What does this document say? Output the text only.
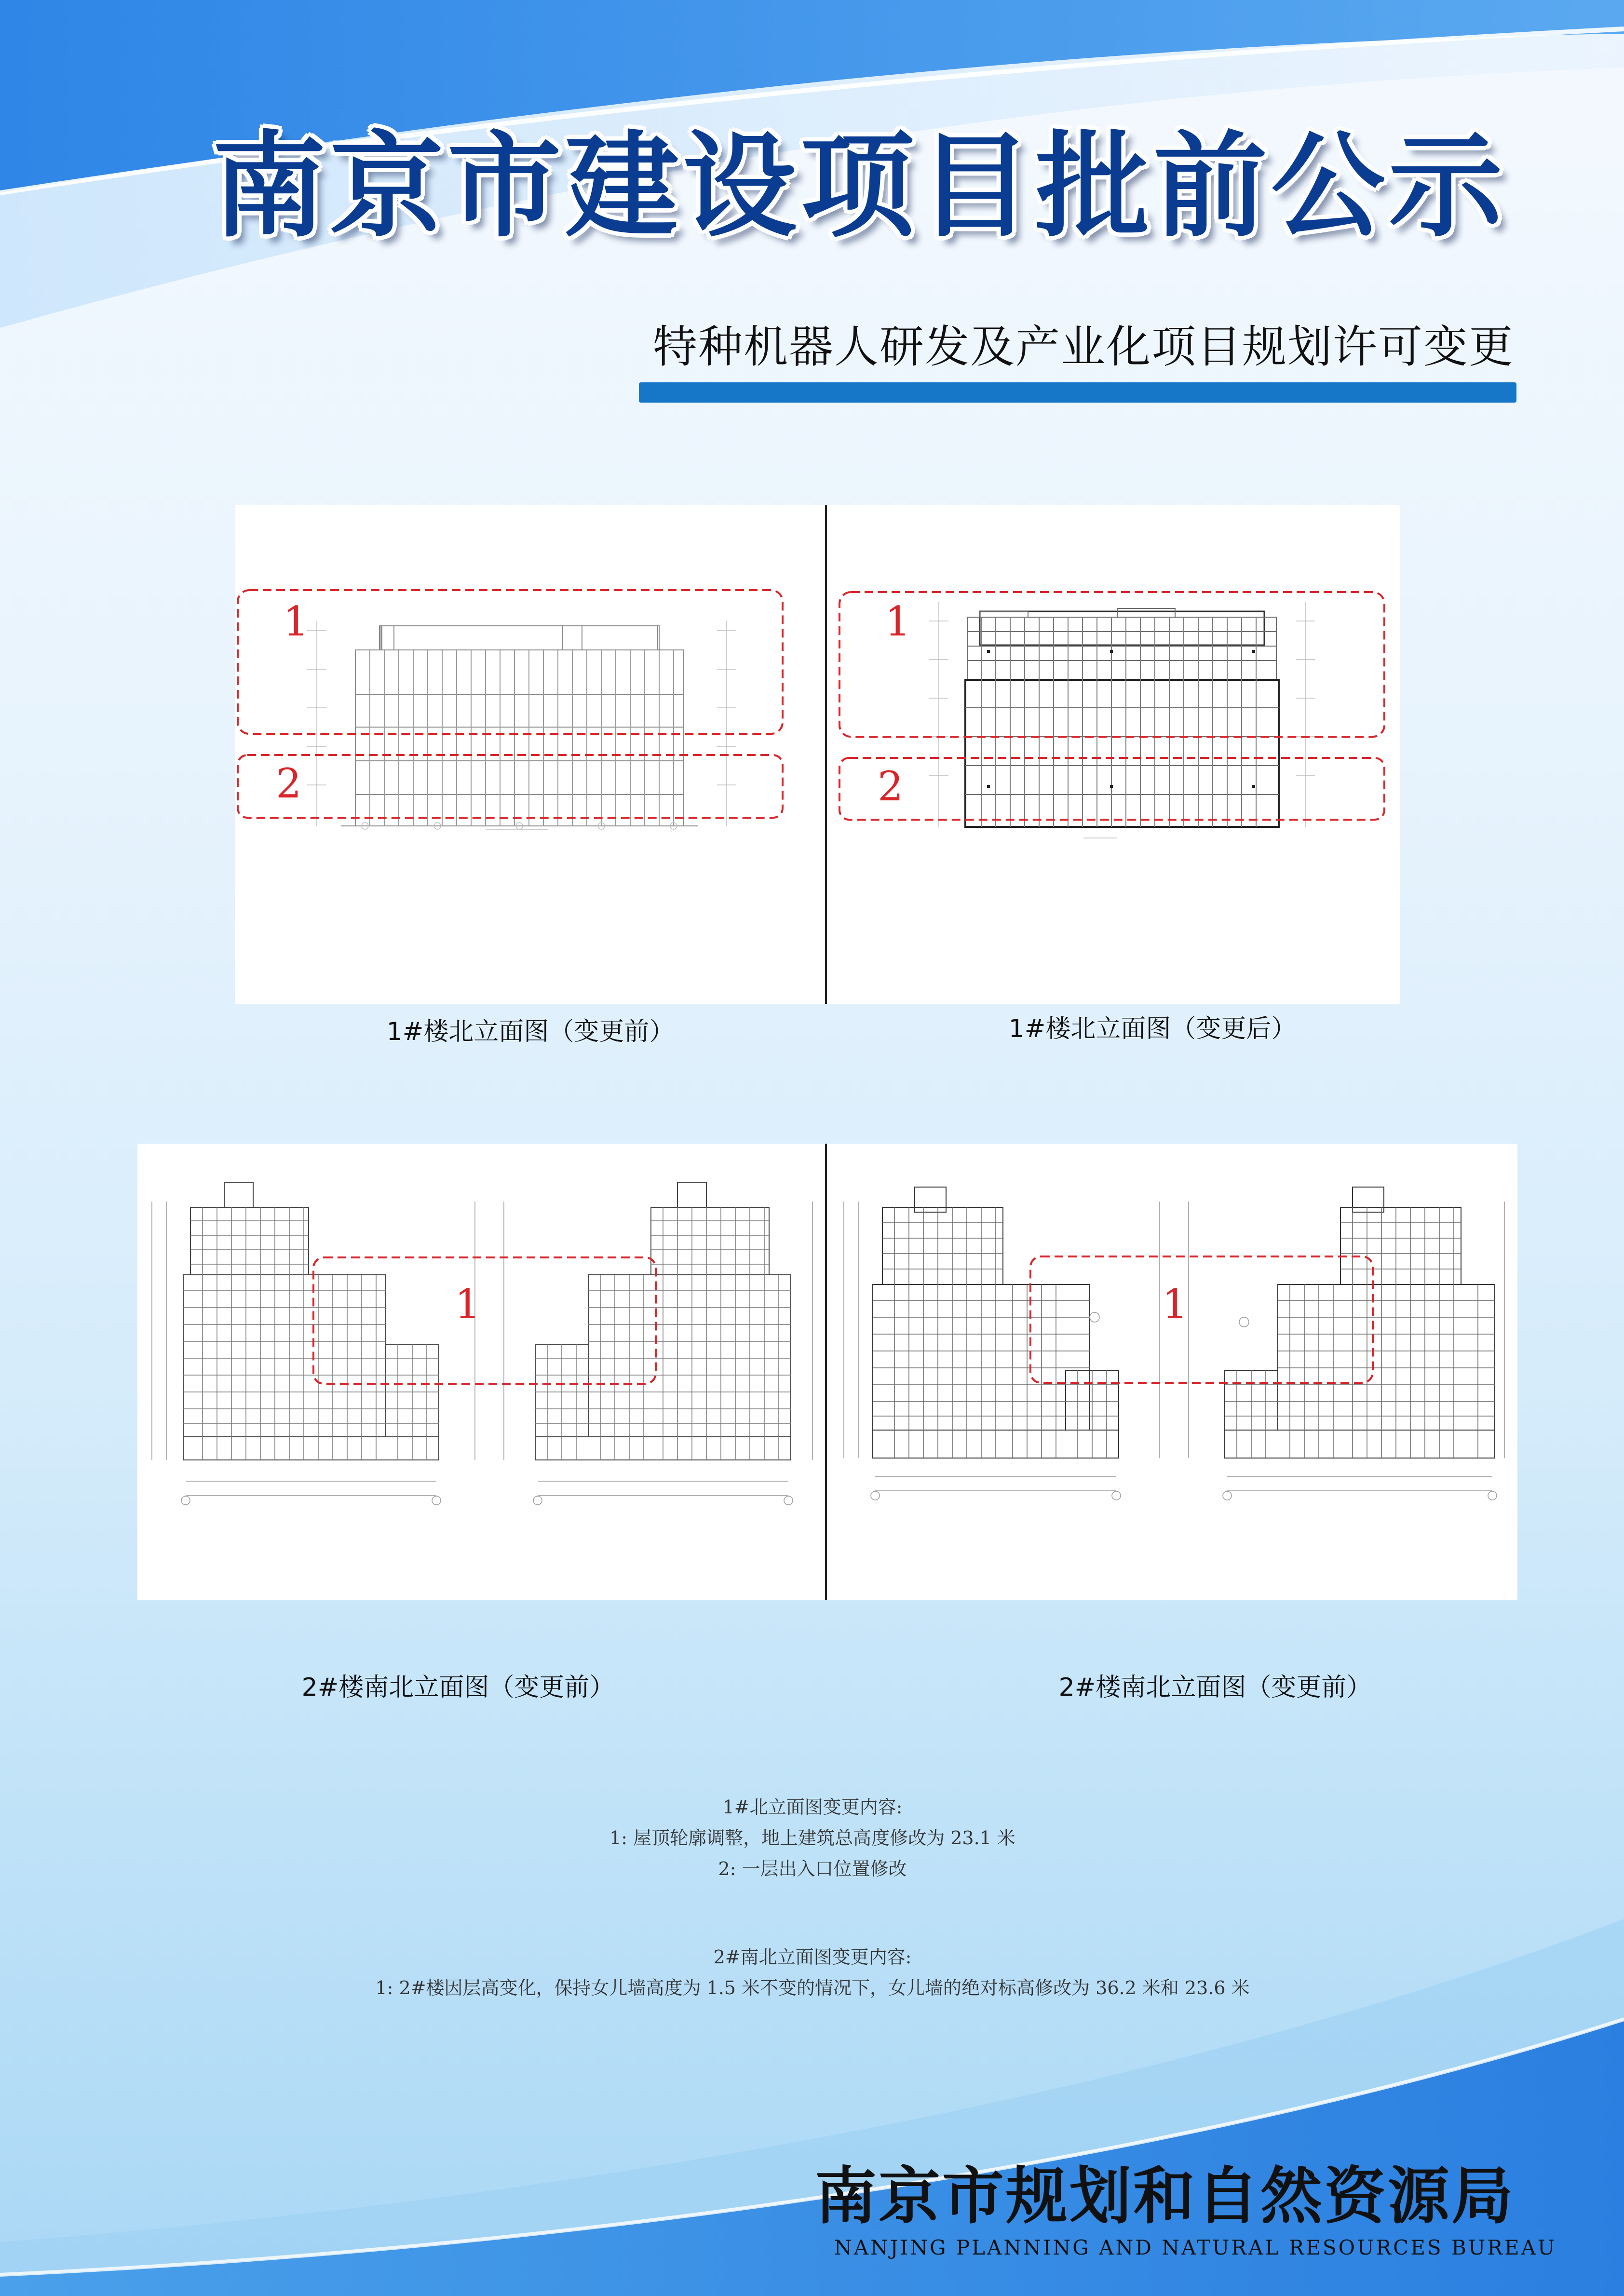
南京市建设项目批前公示
特种机器人研发及产业化项目规划许可变更
1
2
1
2
1#楼北立面图（变更前）	1#楼北立面图（变更后）
1	1
2#楼南北立面图（变更前）	2#楼南北立面图（变更前）
1#北立面图变更内容:
1: 屋顶轮廓调整，地上建筑总高度修改为 23.1 米
2: 一层出入口位置修改
2#南北立面图变更内容:
1: 2#楼因层高变化，保持女儿墙高度为 1.5 米不变的情况下，女儿墙的绝对标高修改为 36.2 米和 23.6 米
南京市规划和自然资源局
NANJING PLANNING AND NATURAL RESOURCES BUREAU
